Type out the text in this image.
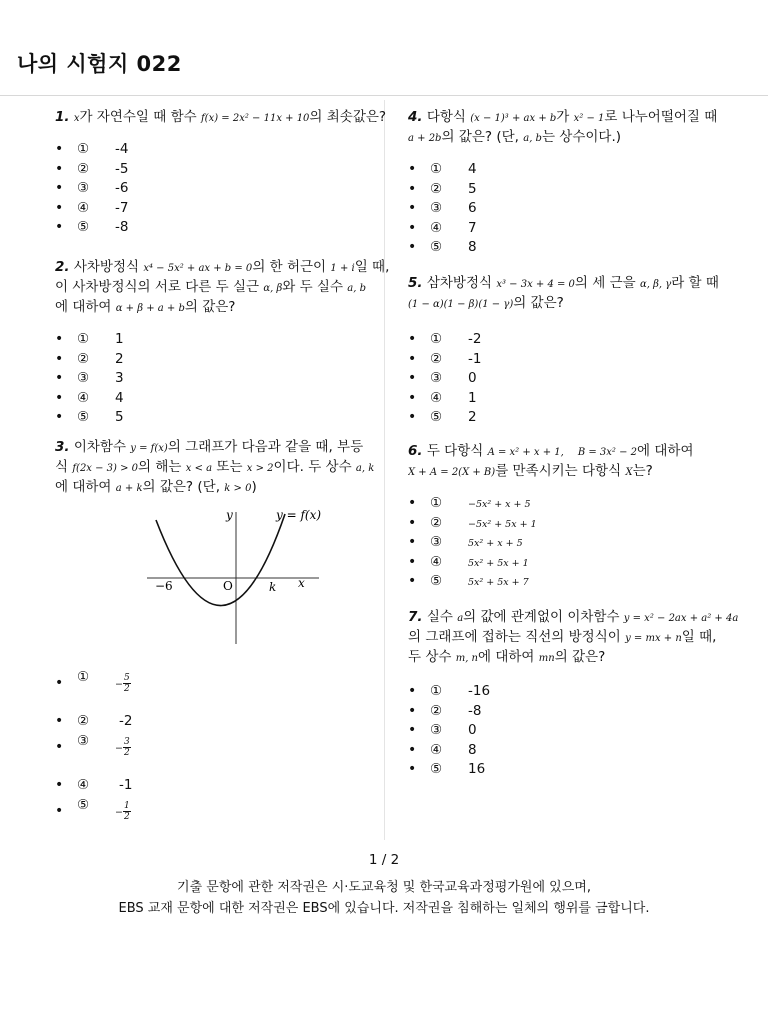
나의 시험지 022

1. x가 자연수일 때 함수 f(x) = 2x² − 11x + 10의 최솟값은?

• ① -4
• ② -5
• ③ -6
• ④ -7
• ⑤ -8

2. 사차방정식 x⁴ − 5x² + ax + b = 0의 한 허근이 1 + i일 때,
이 사차방정식의 서로 다른 두 실근 α, β와 두 실수 a, b
에 대하여 α + β + a + b의 값은?

• ① 1
• ② 2
• ③ 3
• ④ 4
• ⑤ 5

3. 이차함수 y = f(x)의 그래프가 다음과 같을 때, 부등
식 f(2x − 3) > 0의 해는 x < a 또는 x > 2이다. 두 상수 a, k
에 대하여 a + k의 값은? (단, k > 0)

y
x
O
y = f(x)
−6	k
• ①	− $\frac{5}{2}$
• ② -2
• ③	− $\frac{3}{2}$
• ④ -1
• ⑤	− $\frac{1}{2}$

4. 다항식 (x − 1)³ + ax + b가 x² − 1로 나누어떨어질 때
a + 2b의 값은? (단, a, b는 상수이다.)

• ① 4
• ② 5
• ③ 6
• ④ 7
• ⑤ 8

5. 삼차방정식 x³ − 3x + 4 = 0의 세 근을 α, β, γ라 할 때
(1 − α)(1 − β)(1 − γ)의 값은?

• ① -2
• ② -1
• ③ 0
• ④ 1
• ⑤ 2

6. 두 다항식 A = x² + x + 1, B = 3x² − 2에 대하여
X + A = 2(X + B)를 만족시키는 다항식 X는?

• ①	−5x² + x + 5
• ②	−5x² + 5x + 1
• ③	5x² + x + 5
• ④	5x² + 5x + 1
• ⑤	5x² + 5x + 7

7. 실수 a의 값에 관계없이 이차함수 y = x² − 2ax + a² + 4a
의 그래프에 접하는 직선의 방정식이 y = mx + n일 때,
두 상수 m, n에 대하여 mn의 값은?

• ① -16
• ② -8
• ③ 0
• ④ 8
• ⑤ 16
1 / 2
기출 문항에 관한 저작권은 시·도교육청 및 한국교육과정평가원에 있으며,
EBS 교재 문항에 대한 저작권은 EBS에 있습니다. 저작권을 침해하는 일체의 행위를 금합니다.
